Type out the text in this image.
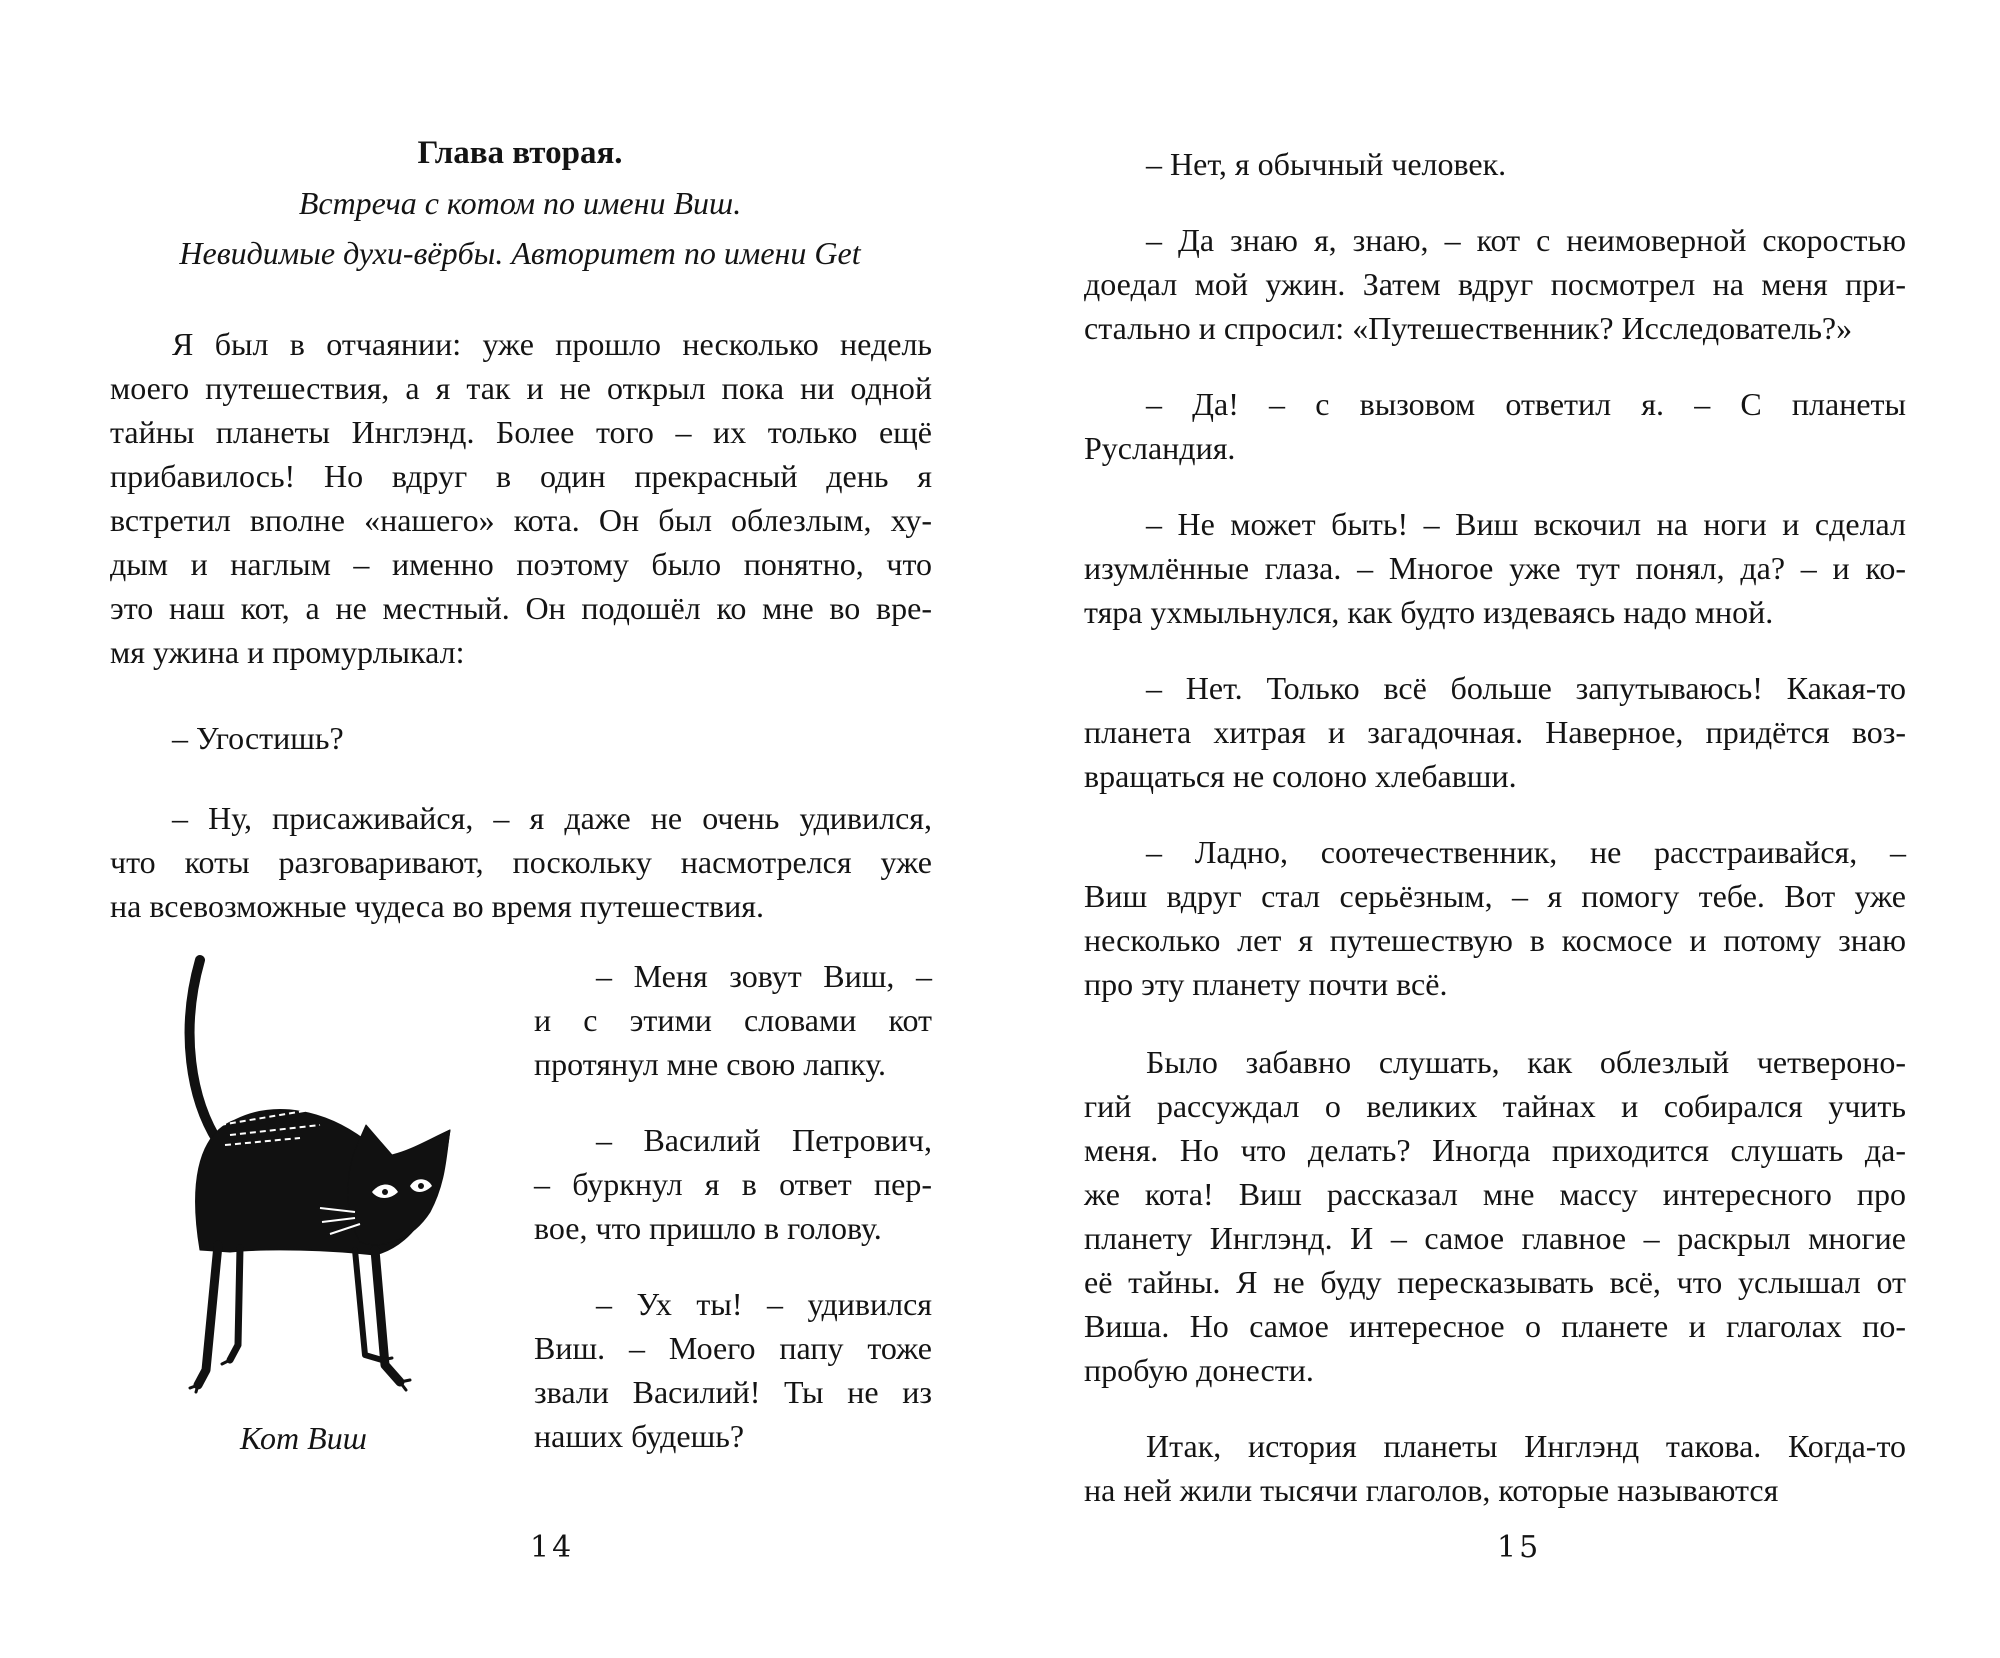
Глава вторая.
Встреча с котом по имени Виш.
Невидимые духи-вёрбы. Авторитет по имени Get
Я был в отчаянии: уже прошло несколько недель
моего путешествия, а я так и не открыл пока ни одной
тайны планеты Инглэнд. Более того – их только ещё
прибавилось! Но вдруг в один прекрасный день я
встретил вполне «нашего» кота. Он был облезлым, ху-
дым и наглым – именно поэтому было понятно, что
это наш кот, а не местный. Он подошёл ко мне во вре-
мя ужина и промурлыкал:
– Угостишь?
– Ну, присаживайся, – я даже не очень удивился,
что коты разговаривают, поскольку насмотрелся уже
на всевозможные чудеса во время путешествия.
Кот Виш
– Меня зовут Виш, –
и с этими словами кот
протянул мне свою лапку.
– Василий Петрович,
– буркнул я в ответ пер-
вое, что пришло в голову.
– Ух ты! – удивился
Виш. – Моего папу тоже
звали Василий! Ты не из
наших будешь?
14
– Нет, я обычный человек.
– Да знаю я, знаю, – кот с неимоверной скоростью
доедал мой ужин. Затем вдруг посмотрел на меня при-
стально и спросил: «Путешественник? Исследователь?»
– Да! – с вызовом ответил я. – С планеты
Русландия.
– Не может быть! – Виш вскочил на ноги и сделал
изумлённые глаза. – Многое уже тут понял, да? – и ко-
тяра ухмыльнулся, как будто издеваясь надо мной.
– Нет. Только всё больше запутываюсь! Какая-то
планета хитрая и загадочная. Наверное, придётся воз-
вращаться не солоно хлебавши.
– Ладно, соотечественник, не расстраивайся, –
Виш вдруг стал серьёзным, – я помогу тебе. Вот уже
несколько лет я путешествую в космосе и потому знаю
про эту планету почти всё.
Было забавно слушать, как облезлый четвероно-
гий рассуждал о великих тайнах и собирался учить
меня. Но что делать? Иногда приходится слушать да-
же кота! Виш рассказал мне массу интересного про
планету Инглэнд. И – самое главное – раскрыл многие
её тайны. Я не буду пересказывать всё, что услышал от
Виша. Но самое интересное о планете и глаголах по-
пробую донести.
Итак, история планеты Инглэнд такова. Когда-то
на ней жили тысячи глаголов, которые называются
15
